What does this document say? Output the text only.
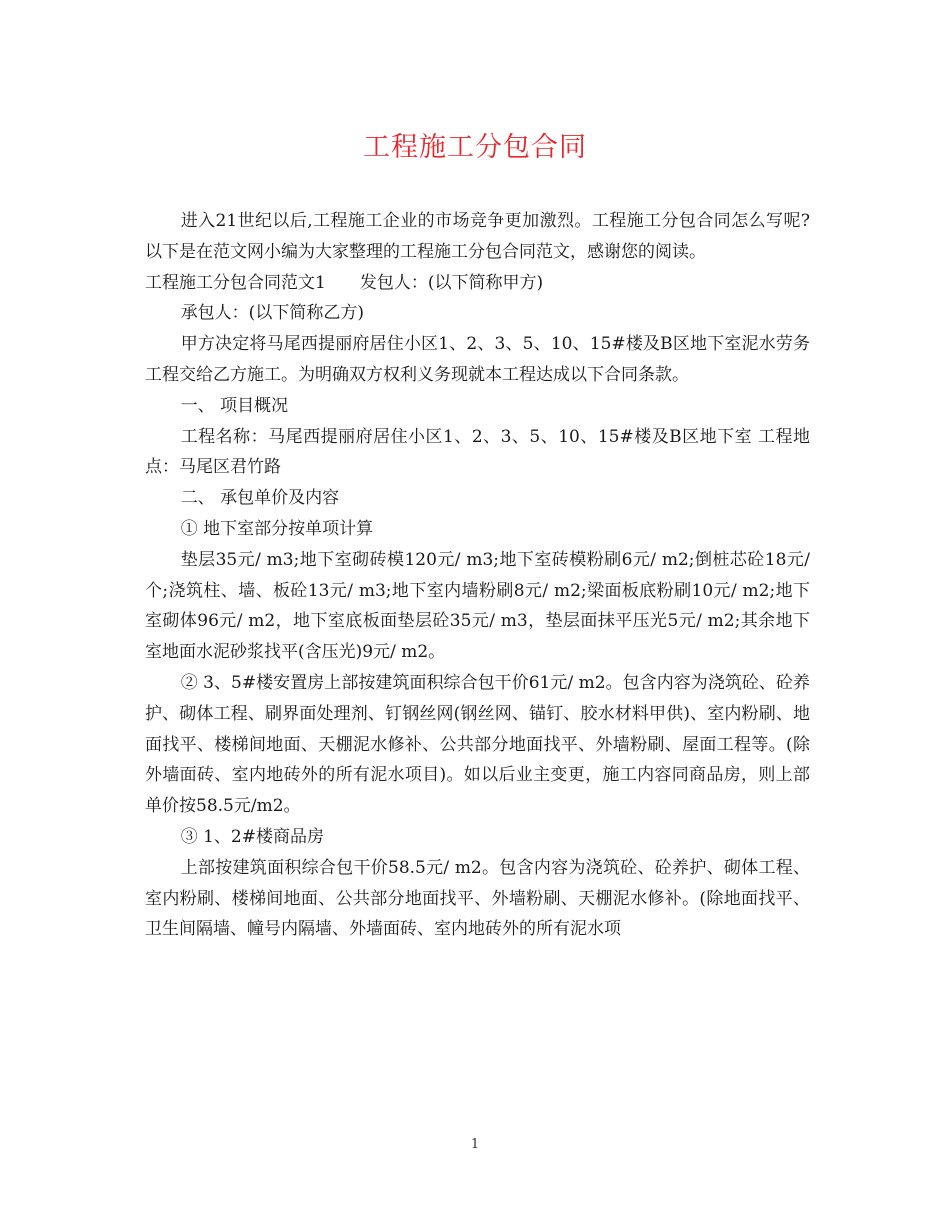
工程施工分包合同

进入21世纪以后,工程施工企业的市场竞争更加激烈。工程施工分包合同怎么写呢?以下是在范文网小编为大家整理的工程施工分包合同范文，感谢您的阅读。

工程施工分包合同范文1　　发包人：(以下简称甲方)

承包人：(以下简称乙方)

甲方决定将马尾西提丽府居住小区1、2、3、5、10、15#楼及B区地下室泥水劳务工程交给乙方施工。为明确双方权利义务现就本工程达成以下合同条款。

一、 项目概况

工程名称：马尾西提丽府居住小区1、2、3、5、10、15#楼及B区地下室 工程地点：马尾区君竹路

二、 承包单价及内容

① 地下室部分按单项计算

垫层35元/ m3;地下室砌砖模120元/ m3;地下室砖模粉刷6元/ m2;倒桩芯砼18元/ 个;浇筑柱、墙、板砼13元/ m3;地下室内墙粉刷8元/ m2;梁面板底粉刷10元/ m2;地下室砌体96元/ m2，地下室底板面垫层砼35元/ m3，垫层面抹平压光5元/ m2;其余地下室地面水泥砂浆找平(含压光)9元/ m2。

② 3、5#楼安置房上部按建筑面积综合包干价61元/ m2。包含内容为浇筑砼、砼养护、砌体工程、刷界面处理剂、钉钢丝网(钢丝网、锚钉、胶水材料甲供)、室内粉刷、地面找平、楼梯间地面、天棚泥水修补、公共部分地面找平、外墙粉刷、屋面工程等。(除外墙面砖、室内地砖外的所有泥水项目)。如以后业主变更，施工内容同商品房，则上部单价按58.5元/m2。

③ 1、2#楼商品房

上部按建筑面积综合包干价58.5元/ m2。包含内容为浇筑砼、砼养护、砌体工程、室内粉刷、楼梯间地面、公共部分地面找平、外墙粉刷、天棚泥水修补。(除地面找平、卫生间隔墙、幢号内隔墙、外墙面砖、室内地砖外的所有泥水项

1
